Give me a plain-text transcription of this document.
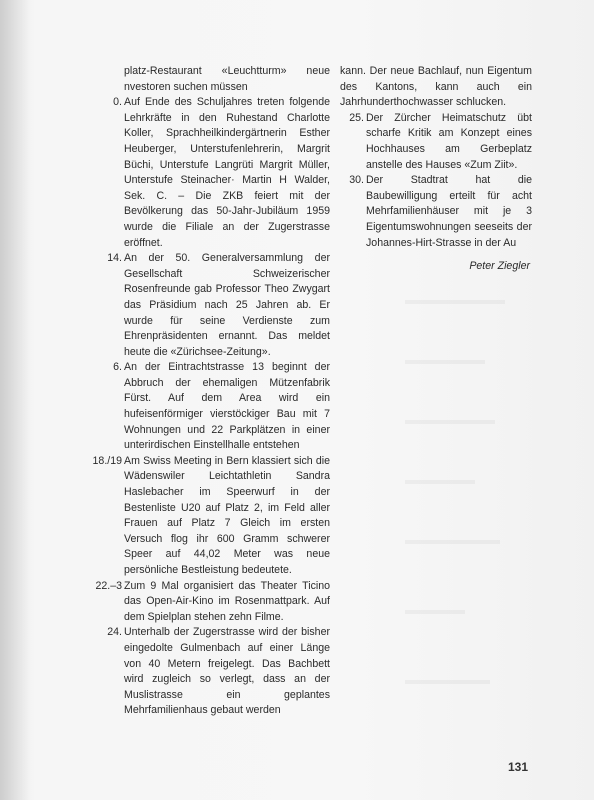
platz-Restaurant «Leuchtturm» neue nvestoren suchen müssen

0. Auf Ende des Schuljahres treten folgende Lehrkräfte in den Ruhestand Charlotte Koller, Sprachheilkindergärtnerin Esther Heuberger, Unterstufenlehrerin, Margrit Büchi, Unterstufe Langrüti Margrit Müller, Unterstufe Steinacher· Martin H Walder, Sek. C. – Die ZKB feiert mit der Bevölkerung das 50-Jahr-Jubiläum 1959 wurde die Filiale an der Zugerstrasse eröffnet.

14. An der 50. Generalversammlung der Gesellschaft Schweizerischer Rosenfreunde gab Professor Theo Zwygart das Präsidium nach 25 Jahren ab. Er wurde für seine Verdienste zum Ehrenpräsidenten ernannt. Das meldet heute die «Zürichsee-Zeitung».

6. An der Eintrachtstrasse 13 beginnt der Abbruch der ehemaligen Mützenfabrik Fürst. Auf dem Area wird ein hufeisenförmiger vierstöckiger Bau mit 7 Wohnungen und 22 Parkplätzen in einer unterirdischen Einstellhalle entstehen

18./19 Am Swiss Meeting in Bern klassiert sich die Wädenswiler Leichtathletin Sandra Haslebacher im Speerwurf in der Bestenliste U20 auf Platz 2, im Feld aller Frauen auf Platz 7 Gleich im ersten Versuch flog ihr 600 Gramm schwerer Speer auf 44,02 Meter was neue persönliche Bestleistung bedeutete.

22.–3 Zum 9 Mal organisiert das Theater Ticino das Open-Air-Kino im Rosenmattpark. Auf dem Spielplan stehen zehn Filme.

24. Unterhalb der Zugerstrasse wird der bisher eingedolte Gulmenbach auf einer Länge von 40 Metern freigelegt. Das Bachbett wird zugleich so verlegt, dass an der Muslistrasse ein geplantes Mehrfamilienhaus gebaut werden

kann. Der neue Bachlauf, nun Eigentum des Kantons, kann auch ein Jahrhunderthochwasser schlucken.

25. Der Zürcher Heimatschutz übt scharfe Kritik am Konzept eines Hochhauses am Gerbeplatz anstelle des Hauses «Zum Ziit».

30. Der Stadtrat hat die Baubewilligung erteilt für acht Mehrfamilienhäuser mit je 3 Eigentumswohnungen seeseits der Johannes-Hirt-Strasse in der Au

Peter Ziegler
131
